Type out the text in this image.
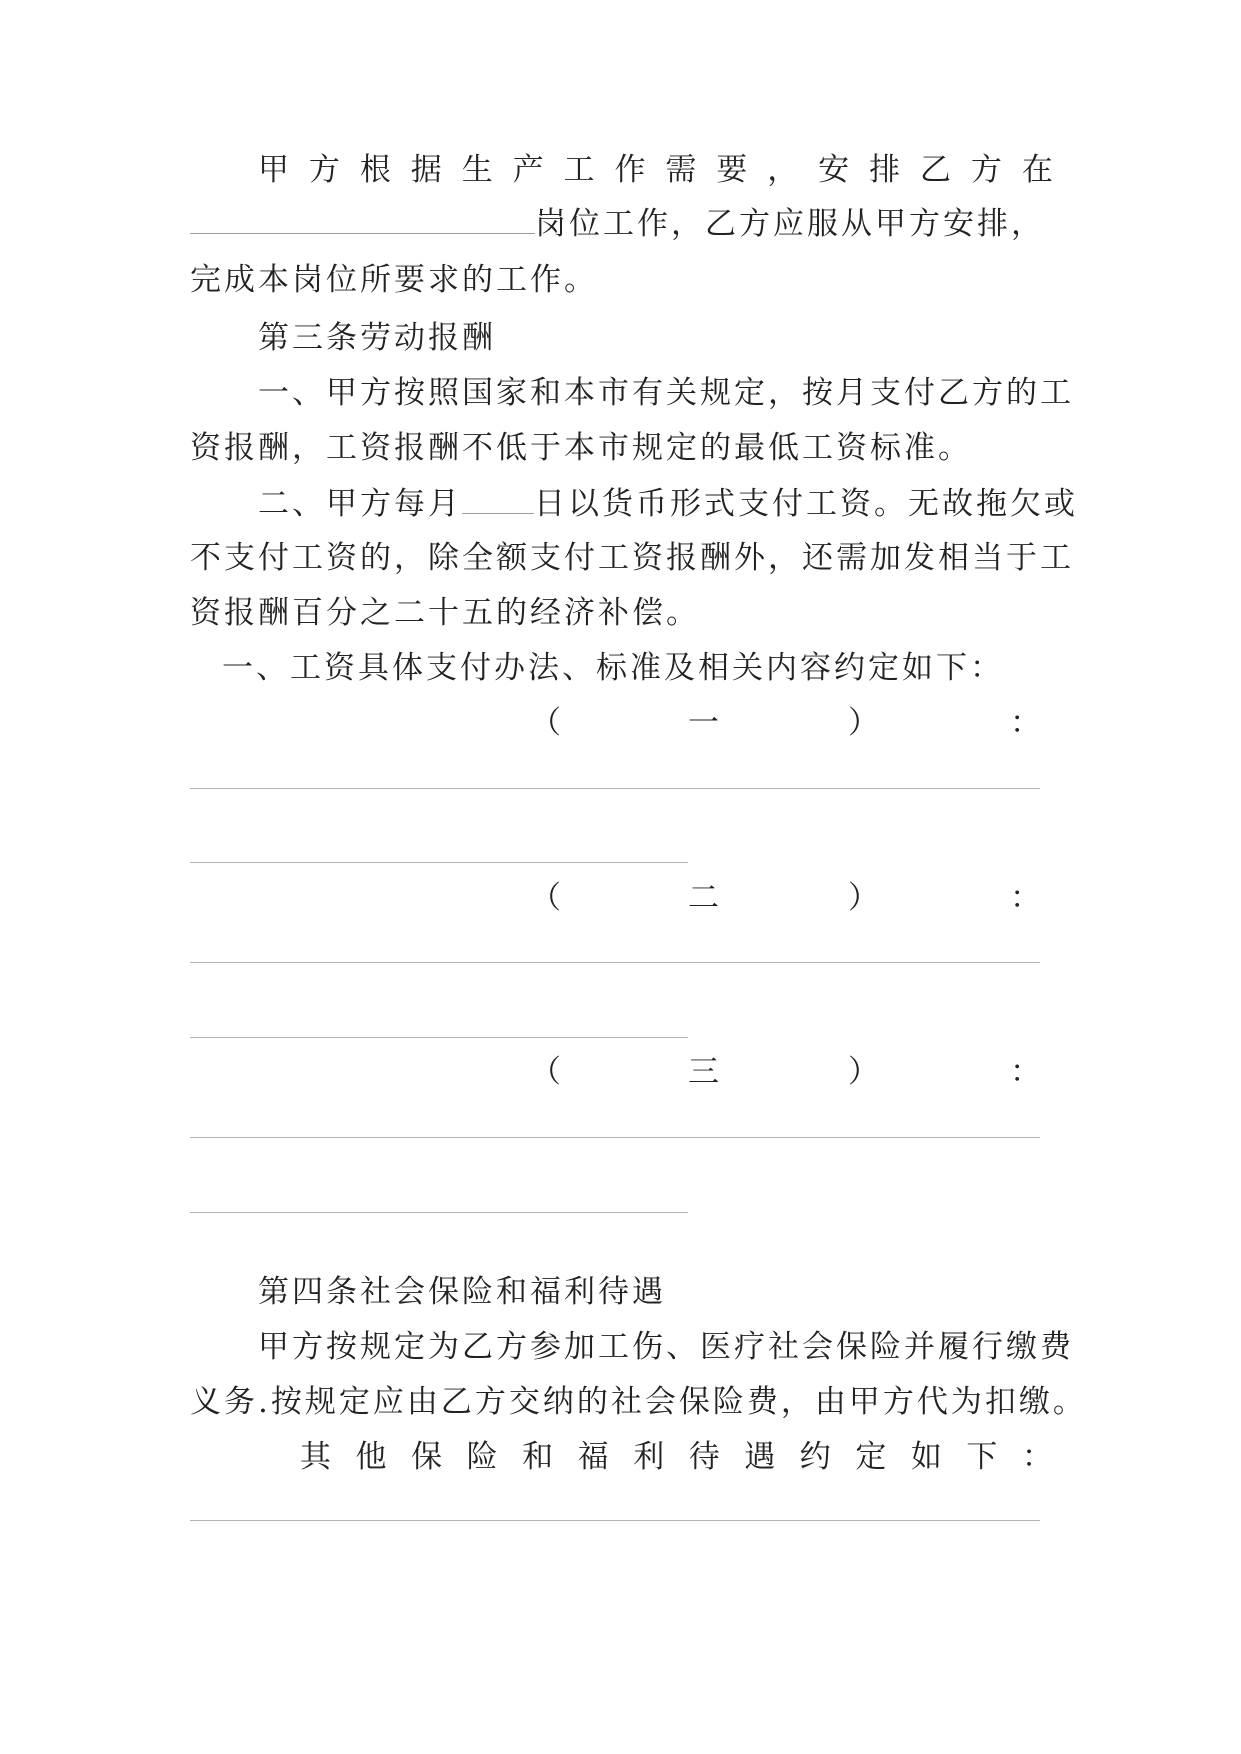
甲 方 根 据 生 产 工 作 需 要 ， 安 排 乙 方 在
岗位工作，乙方应服从甲方安排，
完成本岗位所要求的工作。
第三条劳动报酬
一、甲方按照国家和本市有关规定，按月支付乙方的工
资报酬，工资报酬不低于本市规定的最低工资标准。
二、甲方每月 日以货币形式支付工资。无故拖欠或
不支付工资的，除全额支付工资报酬外，还需加发相当于工
资报酬百分之二十五的经济补偿。
一、工资具体支付办法、标准及相关内容约定如下：
（	一	）	：
（	二	）	：
（	三	）	：
第四条社会保险和福利待遇
甲方按规定为乙方参加工伤、医疗社会保险并履行缴费
义务.按规定应由乙方交纳的社会保险费，由甲方代为扣缴。
其 他 保 险 和 福 利 待 遇 约 定 如 下 ：
